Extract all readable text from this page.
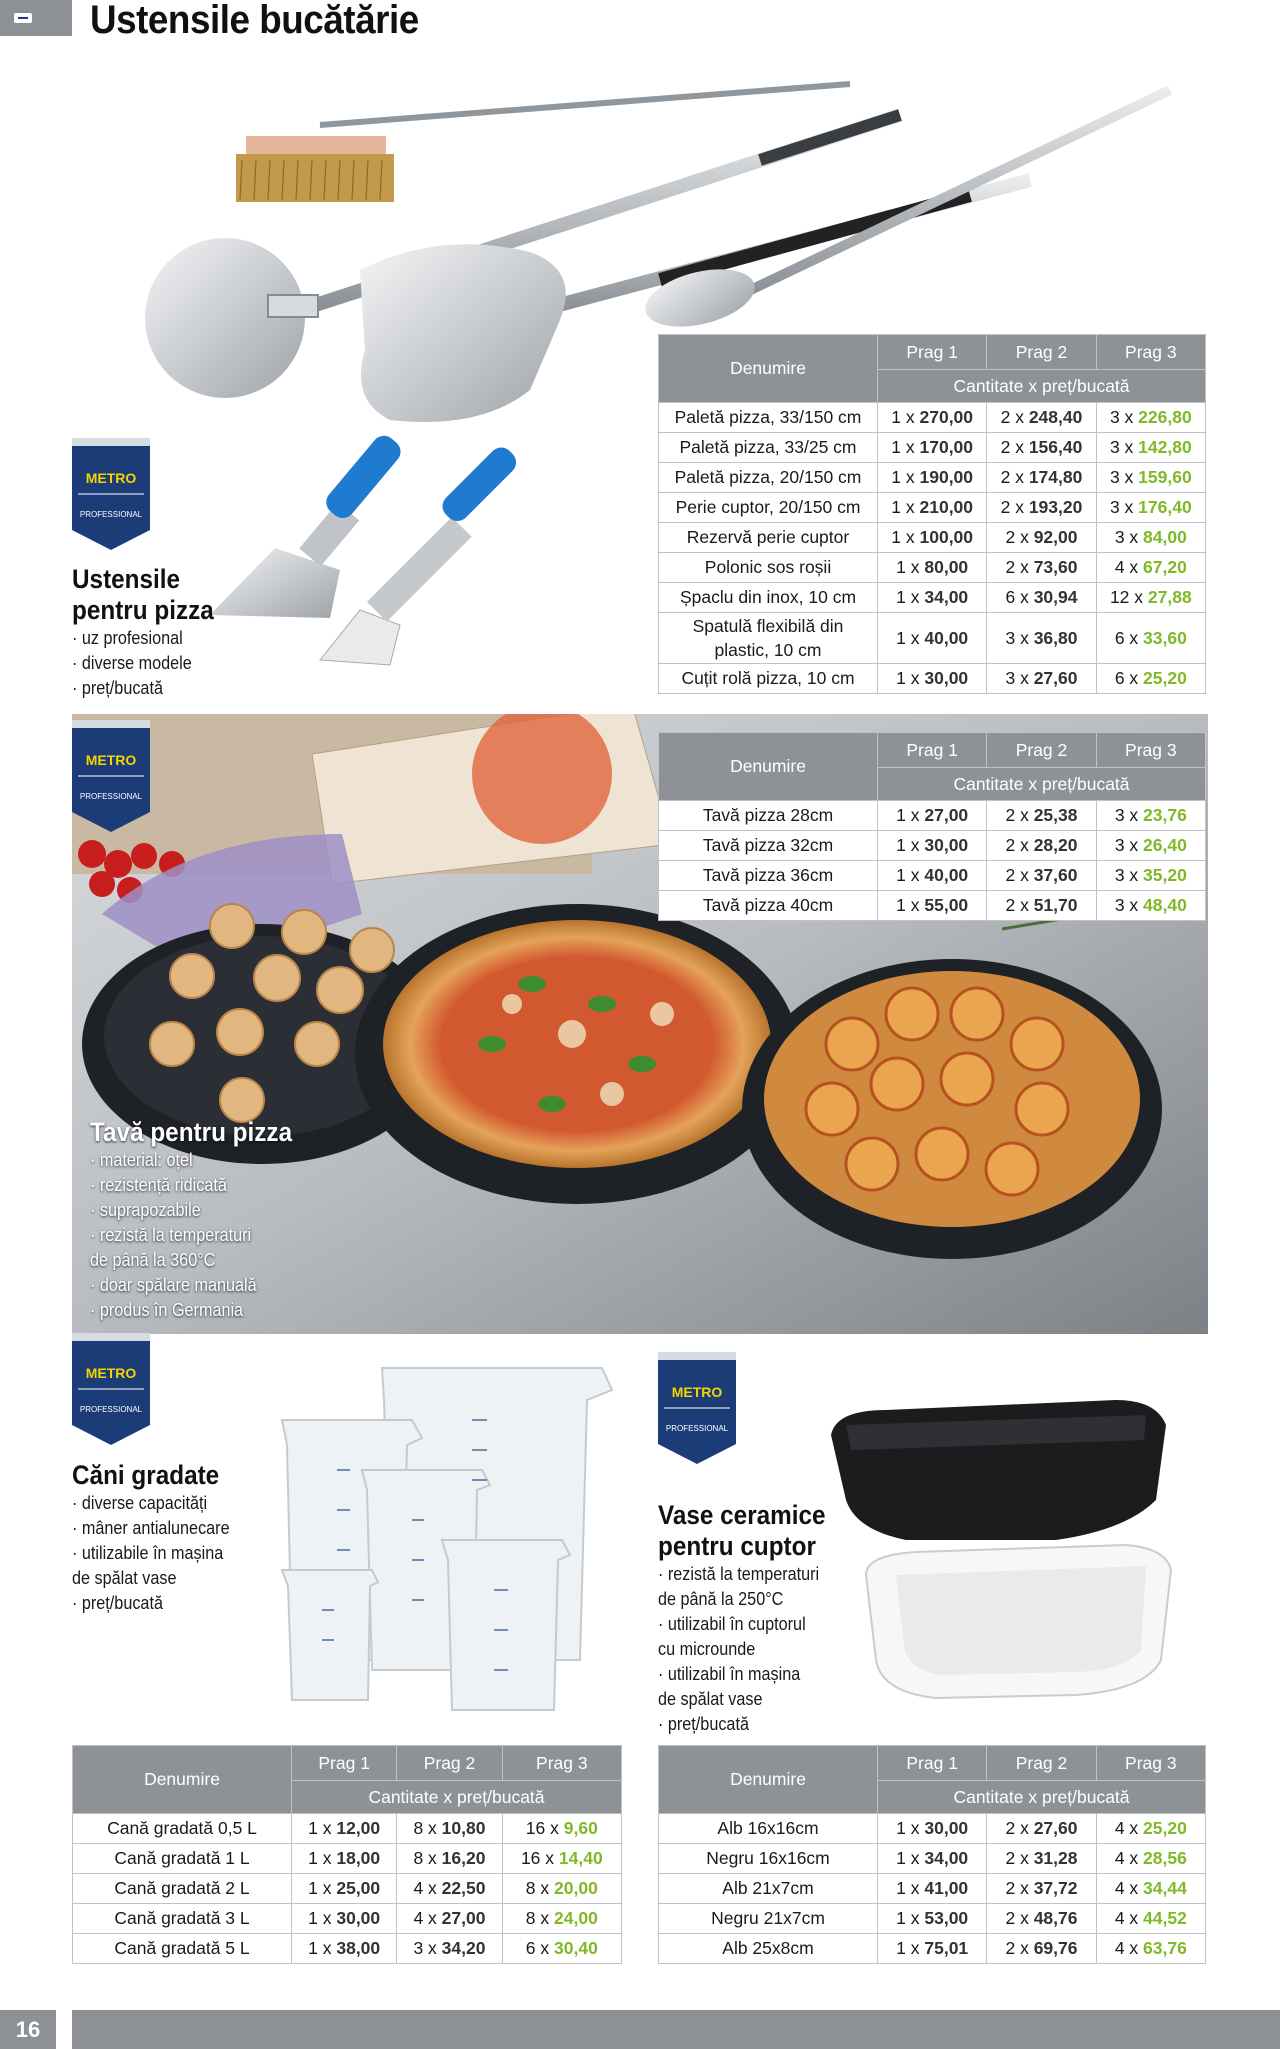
Ustensile bucătărie
METRO
PROFESSIONAL
Ustensile
pentru pizza
· uz profesional
· diverse modele
· preț/bucată
Denumire	Prag 1	Prag 2	Prag 3
	Cantitate x preț/bucată		
Paletă pizza, 33/150 cm	1 x 270,00	2 x 248,40	3 x 226,80
Paletă pizza, 33/25 cm	1 x 170,00	2 x 156,40	3 x 142,80
Paletă pizza, 20/150 cm	1 x 190,00	2 x 174,80	3 x 159,60
Perie cuptor, 20/150 cm	1 x 210,00	2 x 193,20	3 x 176,40
Rezervă perie cuptor	1 x 100,00	2 x 92,00	3 x 84,00
Polonic sos roșii	1 x 80,00	2 x 73,60	4 x 67,20
Șpaclu din inox, 10 cm	1 x 34,00	6 x 30,94	12 x 27,88
Spatulă flexibilă din plastic, 10 cm	1 x 40,00	3 x 36,80	6 x 33,60
Cuțit rolă pizza, 10 cm	1 x 30,00	3 x 27,60	6 x 25,20
METRO
PROFESSIONAL
Denumire	Prag 1	Prag 2	Prag 3
	Cantitate x preț/bucată		
Tavă pizza 28cm	1 x 27,00	2 x 25,38	3 x 23,76
Tavă pizza 32cm	1 x 30,00	2 x 28,20	3 x 26,40
Tavă pizza 36cm	1 x 40,00	2 x 37,60	3 x 35,20
Tavă pizza 40cm	1 x 55,00	2 x 51,70	3 x 48,40
Tavă pentru pizza
· material: oțel
· rezistență ridicată
· suprapozabile
· rezistă la temperaturi
de până la 360°C
· doar spălare manuală
· produs în Germania
METRO
PROFESSIONAL
Căni gradate
· diverse capacități
· mâner antialunecare
· utilizabile în mașina
de spălat vase
· preț/bucată
METRO
PROFESSIONAL
Vase ceramice
pentru cuptor
· rezistă la temperaturi
de până la 250°C
· utilizabil în cuptorul
cu microunde
· utilizabil în mașina
de spălat vase
· preț/bucată
Denumire	Prag 1	Prag 2	Prag 3
	Cantitate x preț/bucată		
Cană gradată 0,5 L	1 x 12,00	8 x 10,80	16 x 9,60
Cană gradată 1 L	1 x 18,00	8 x 16,20	16 x 14,40
Cană gradată 2 L	1 x 25,00	4 x 22,50	8 x 20,00
Cană gradată 3 L	1 x 30,00	4 x 27,00	8 x 24,00
Cană gradată 5 L	1 x 38,00	3 x 34,20	6 x 30,40
Denumire	Prag 1	Prag 2	Prag 3
	Cantitate x preț/bucată		
Alb 16x16cm	1 x 30,00	2 x 27,60	4 x 25,20
Negru 16x16cm	1 x 34,00	2 x 31,28	4 x 28,56
Alb 21x7cm	1 x 41,00	2 x 37,72	4 x 34,44
Negru 21x7cm	1 x 53,00	2 x 48,76	4 x 44,52
Alb 25x8cm	1 x 75,01	2 x 69,76	4 x 63,76
16
